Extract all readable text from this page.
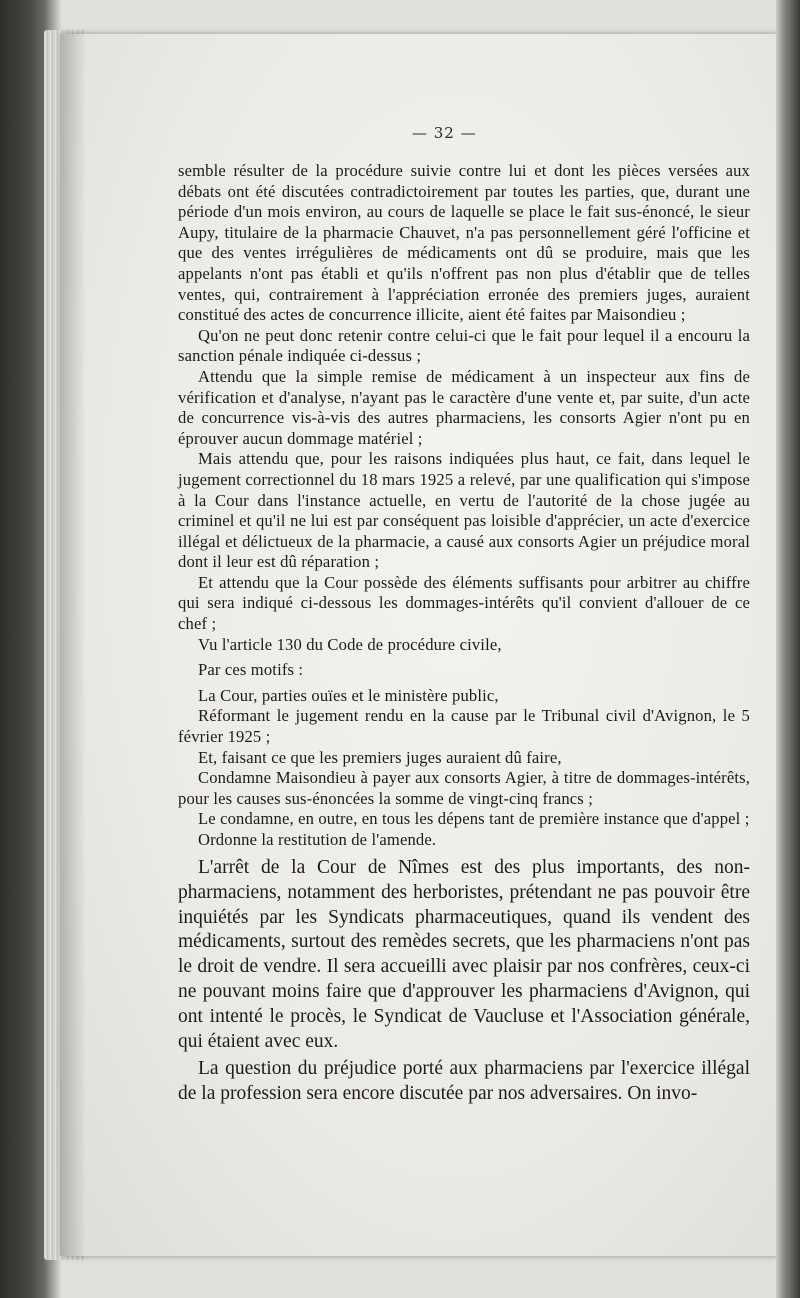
— 32 —

semble résulter de la procédure suivie contre lui et dont les pièces versées aux débats ont été discutées contradictoirement par toutes les parties, que, durant une période d'un mois environ, au cours de laquelle se place le fait sus-énoncé, le sieur Aupy, titulaire de la pharmacie Chauvet, n'a pas personnellement géré l'officine et que des ventes irrégulières de médicaments ont dû se produire, mais que les appelants n'ont pas établi et qu'ils n'offrent pas non plus d'établir que de telles ventes, qui, contrairement à l'appréciation erronée des premiers juges, auraient constitué des actes de concurrence illicite, aient été faites par Maisondieu ;

Qu'on ne peut donc retenir contre celui-ci que le fait pour lequel il a encouru la sanction pénale indiquée ci-dessus ;

Attendu que la simple remise de médicament à un inspecteur aux fins de vérification et d'analyse, n'ayant pas le caractère d'une vente et, par suite, d'un acte de concurrence vis-à-vis des autres pharmaciens, les consorts Agier n'ont pu en éprouver aucun dommage matériel ;

Mais attendu que, pour les raisons indiquées plus haut, ce fait, dans lequel le jugement correctionnel du 18 mars 1925 a relevé, par une qualification qui s'impose à la Cour dans l'instance actuelle, en vertu de l'autorité de la chose jugée au criminel et qu'il ne lui est par conséquent pas loisible d'apprécier, un acte d'exercice illégal et délictueux de la pharmacie, a causé aux consorts Agier un préjudice moral dont il leur est dû réparation ;

Et attendu que la Cour possède des éléments suffisants pour arbitrer au chiffre qui sera indiqué ci-dessous les dommages-intérêts qu'il convient d'allouer de ce chef ;

Vu l'article 130 du Code de procédure civile,

Par ces motifs :

La Cour, parties ouïes et le ministère public,

Réformant le jugement rendu en la cause par le Tribunal civil d'Avignon, le 5 février 1925 ;

Et, faisant ce que les premiers juges auraient dû faire,

Condamne Maisondieu à payer aux consorts Agier, à titre de dommages-intérêts, pour les causes sus-énoncées la somme de vingt-cinq francs ;

Le condamne, en outre, en tous les dépens tant de première instance que d'appel ;

Ordonne la restitution de l'amende.

L'arrêt de la Cour de Nîmes est des plus importants, des non-pharmaciens, notamment des herboristes, prétendant ne pas pouvoir être inquiétés par les Syndicats pharmaceutiques, quand ils vendent des médicaments, surtout des remèdes secrets, que les pharmaciens n'ont pas le droit de vendre. Il sera accueilli avec plaisir par nos confrères, ceux-ci ne pouvant moins faire que d'approuver les pharmaciens d'Avignon, qui ont intenté le procès, le Syndicat de Vaucluse et l'Association générale, qui étaient avec eux.

La question du préjudice porté aux pharmaciens par l'exercice illégal de la profession sera encore discutée par nos adversaires. On invo-
